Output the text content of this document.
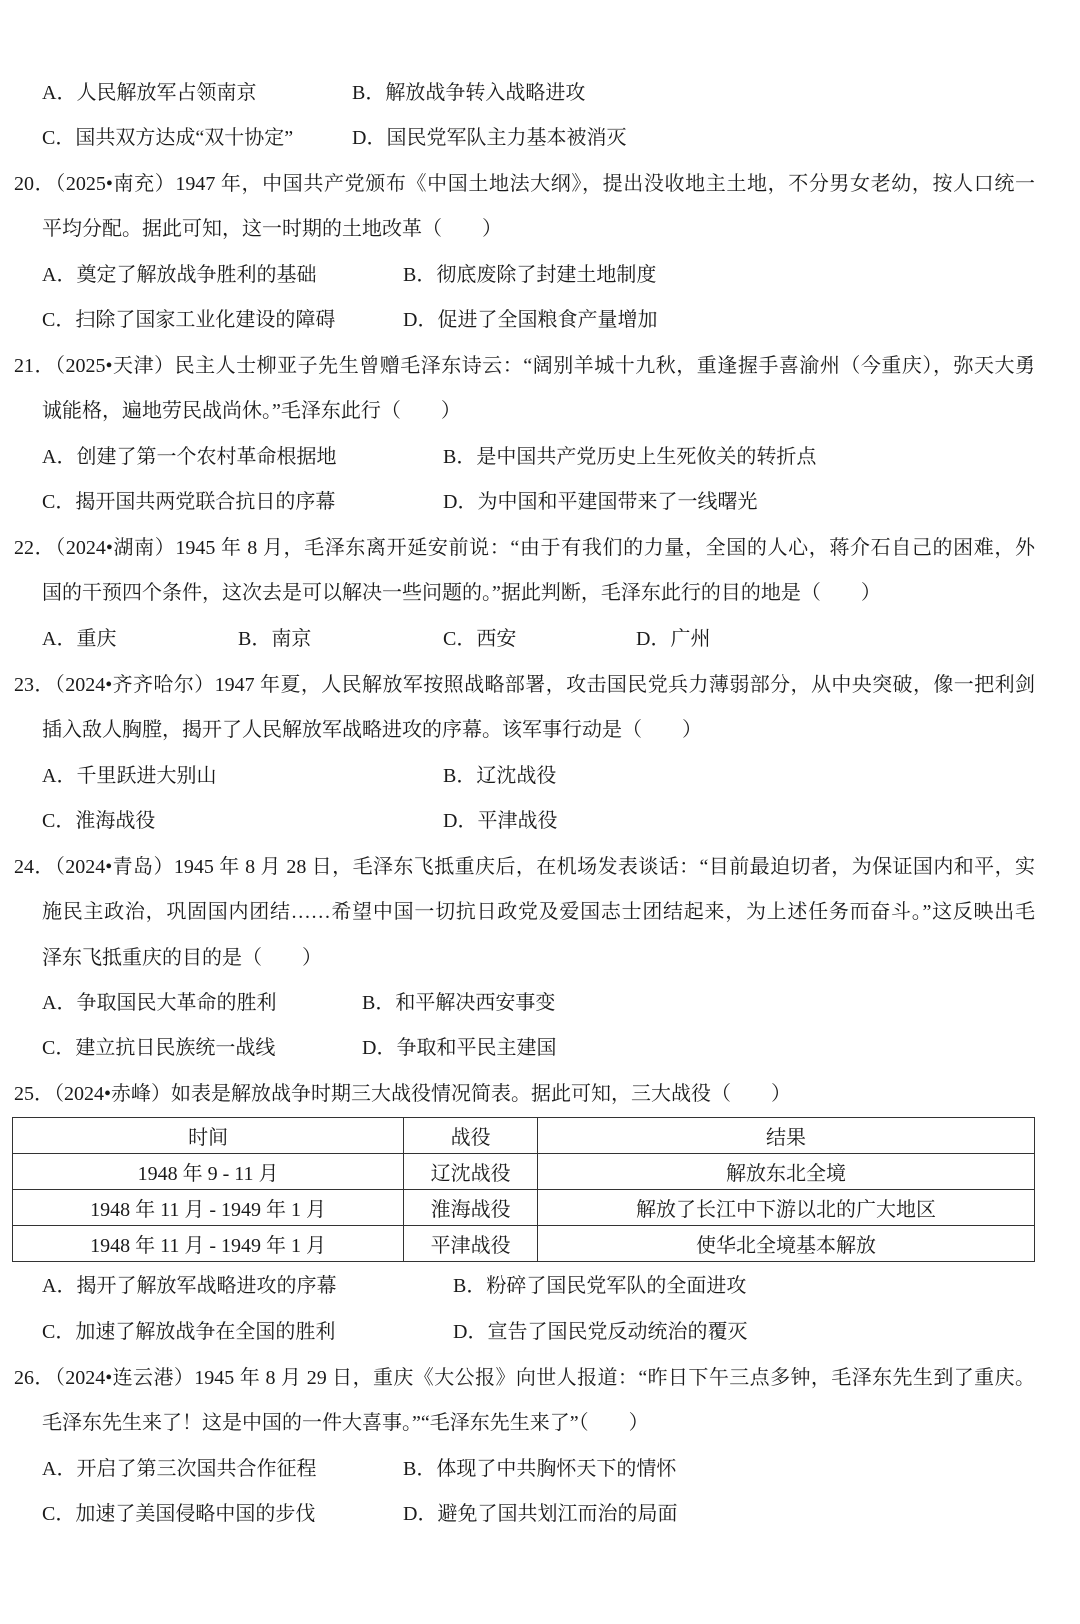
A．人民解放军占领南京	B．解放战争转入战略进攻
C．国共双方达成“双十协定”	D．国民党军队主力基本被消灭
20．（2025•南充）1947 年，中国共产党颁布《中国土地法大纲》，提出没收地主土地，不分男女老幼，按人口统一
平均分配。据此可知，这一时期的土地改革（　　）
A．奠定了解放战争胜利的基础	B．彻底废除了封建土地制度
C．扫除了国家工业化建设的障碍	D．促进了全国粮食产量增加
21．（2025•天津）民主人士柳亚子先生曾赠毛泽东诗云：“阔别羊城十九秋，重逢握手喜渝州（今重庆），弥天大勇
诚能格，遍地劳民战尚休。”毛泽东此行（　　）
A．创建了第一个农村革命根据地	B．是中国共产党历史上生死攸关的转折点
C．揭开国共两党联合抗日的序幕	D．为中国和平建国带来了一线曙光
22．（2024•湖南）1945 年 8 月，毛泽东离开延安前说：“由于有我们的力量，全国的人心，蒋介石自己的困难，外
国的干预四个条件，这次去是可以解决一些问题的。”据此判断，毛泽东此行的目的地是（　　）
A．重庆	B．南京	C．西安	D．广州
23．（2024•齐齐哈尔）1947 年夏，人民解放军按照战略部署，攻击国民党兵力薄弱部分，从中央突破，像一把利剑
插入敌人胸膛，揭开了人民解放军战略进攻的序幕。该军事行动是（　　）
A．千里跃进大别山	B．辽沈战役
C．淮海战役	D．平津战役
24．（2024•青岛）1945 年 8 月 28 日，毛泽东飞抵重庆后，在机场发表谈话：“目前最迫切者，为保证国内和平，实
施民主政治，巩固国内团结……希望中国一切抗日政党及爱国志士团结起来，为上述任务而奋斗。”这反映出毛
泽东飞抵重庆的目的是（　　）
A．争取国民大革命的胜利	B．和平解决西安事变
C．建立抗日民族统一战线	D．争取和平民主建国
25．（2024•赤峰）如表是解放战争时期三大战役情况简表。据此可知，三大战役（　　）
时间	战役	结果
1948 年 9 - 11 月	辽沈战役	解放东北全境
1948 年 11 月 - 1949 年 1 月	淮海战役	解放了长江中下游以北的广大地区
1948 年 11 月 - 1949 年 1 月	平津战役	使华北全境基本解放
A．揭开了解放军战略进攻的序幕	B．粉碎了国民党军队的全面进攻
C．加速了解放战争在全国的胜利	D．宣告了国民党反动统治的覆灭
26．（2024•连云港）1945 年 8 月 29 日，重庆《大公报》向世人报道：“昨日下午三点多钟，毛泽东先生到了重庆。
毛泽东先生来了！这是中国的一件大喜事。”“毛泽东先生来了”（　　）
A．开启了第三次国共合作征程	B．体现了中共胸怀天下的情怀
C．加速了美国侵略中国的步伐	D．避免了国共划江而治的局面
